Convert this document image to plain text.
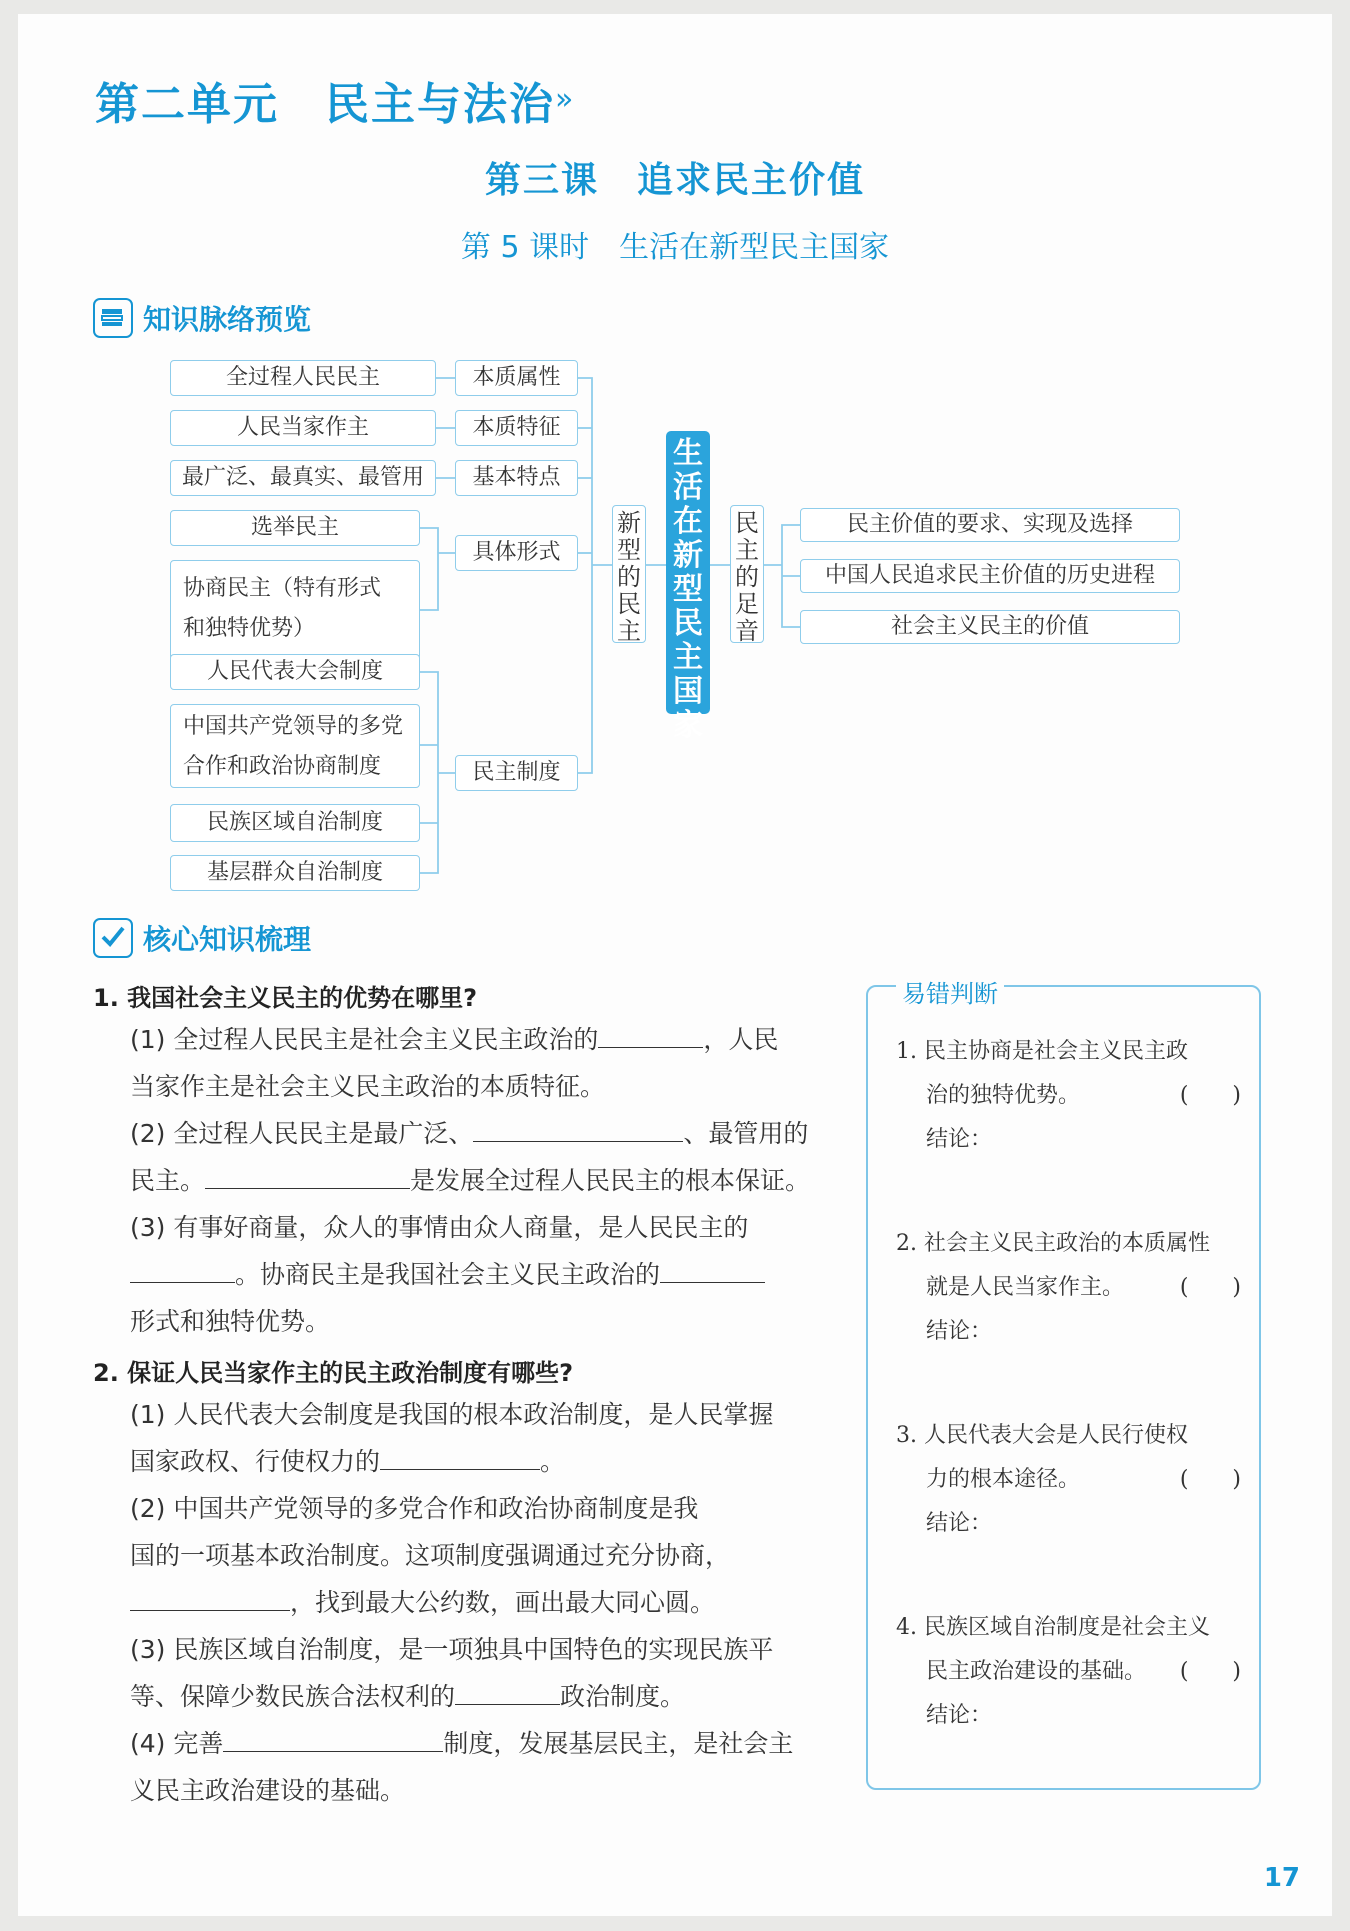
第二单元　民主与法治 »
第三课　追求民主价值
第 5 课时　生活在新型民主国家
知识脉络预览
全过程人民民主
人民当家作主
最广泛、最真实、最管用
选举民主
协商民主（特有形式
和独特优势）
人民代表大会制度
中国共产党领导的多党
合作和政治协商制度
民族区域自治制度
基层群众自治制度
本质属性
本质特征
基本特点
具体形式
民主制度
新
型
的
民
主
生
活
在
新
型
民
主
国
家
民
主
的
足
音
民主价值的要求、实现及选择
中国人民追求民主价值的历史进程
社会主义民主的价值
核心知识梳理
1. 我国社会主义民主的优势在哪里?
(1) 全过程人民民主是社会主义民主政治的	，人民
当家作主是社会主义民主政治的本质特征。
(2) 全过程人民民主是最广泛、	、最管用的
民主。	是发展全过程人民民主的根本保证。
(3) 有事好商量，众人的事情由众人商量，是人民民主的
。协商民主是我国社会主义民主政治的
形式和独特优势。
2. 保证人民当家作主的民主政治制度有哪些?
(1) 人民代表大会制度是我国的根本政治制度，是人民掌握
国家政权、行使权力的	。
(2) 中国共产党领导的多党合作和政治协商制度是我
国的一项基本政治制度。这项制度强调通过充分协商，
，找到最大公约数，画出最大同心圆。
(3) 民族区域自治制度，是一项独具中国特色的实现民族平
等、保障少数民族合法权利的	政治制度。
(4) 完善	制度，发展基层民主，是社会主
义民主政治建设的基础。
易错判断
1. 民主协商是社会主义民主政
治的独特优势。	(　　)
结论：
2. 社会主义民主政治的本质属性
就是人民当家作主。	(　　)
结论：
3. 人民代表大会是人民行使权
力的根本途径。	(　　)
结论：
4. 民族区域自治制度是社会主义
民主政治建设的基础。 (　　)
结论：
17
